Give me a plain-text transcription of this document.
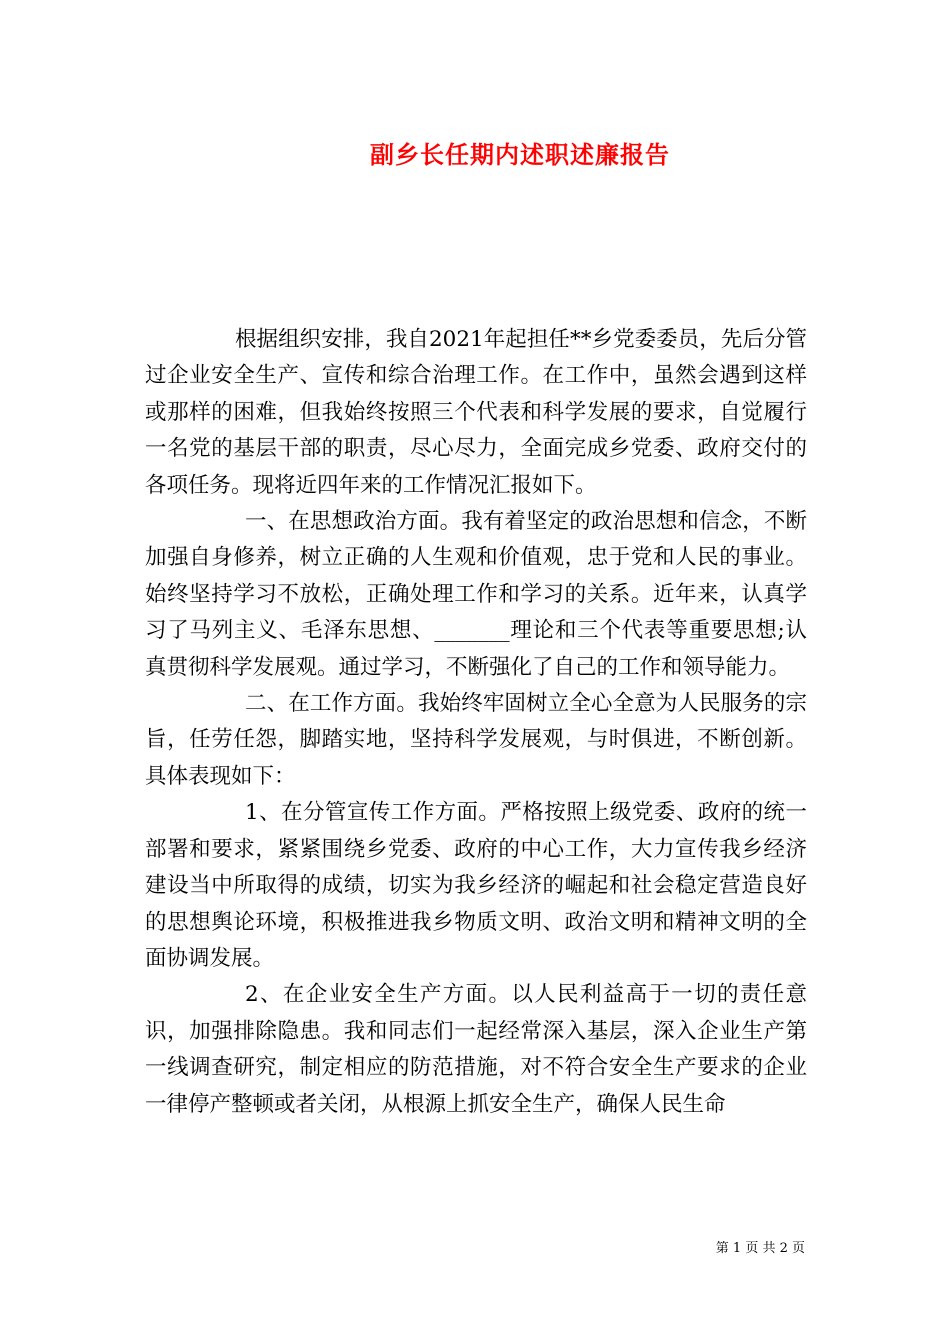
副乡长任期内述职述廉报告

根据组织安排，我自2021年起担任**乡党委委员，先后分管过企业安全生产、宣传和综合治理工作。在工作中，虽然会遇到这样或那样的困难，但我始终按照三个代表和科学发展的要求，自觉履行一名党的基层干部的职责，尽心尽力，全面完成乡党委、政府交付的各项任务。现将近四年来的工作情况汇报如下。

一、在思想政治方面。我有着坚定的政治思想和信念，不断加强自身修养，树立正确的人生观和价值观，忠于党和人民的事业。始终坚持学习不放松，正确处理工作和学习的关系。近年来，认真学习了马列主义、毛泽东思想、_______理论和三个代表等重要思想;认真贯彻科学发展观。通过学习，不断强化了自己的工作和领导能力。

二、在工作方面。我始终牢固树立全心全意为人民服务的宗旨，任劳任怨，脚踏实地，坚持科学发展观，与时俱进，不断创新。具体表现如下：

1、在分管宣传工作方面。严格按照上级党委、政府的统一部署和要求，紧紧围绕乡党委、政府的中心工作，大力宣传我乡经济建设当中所取得的成绩，切实为我乡经济的崛起和社会稳定营造良好的思想舆论环境，积极推进我乡物质文明、政治文明和精神文明的全面协调发展。

2、在企业安全生产方面。以人民利益高于一切的责任意识，加强排除隐患。我和同志们一起经常深入基层，深入企业生产第一线调查研究，制定相应的防范措施，对不符合安全生产要求的企业一律停产整顿或者关闭，从根源上抓安全生产，确保人民生命

第 1 页 共 2 页
